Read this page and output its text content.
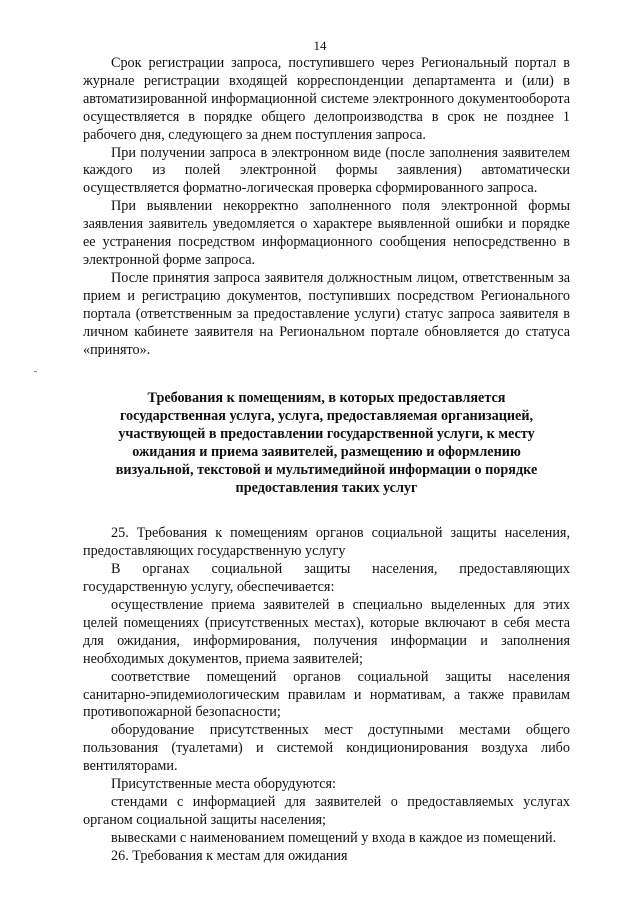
14

Срок регистрации запроса, поступившего через Региональный портал в журнале регистрации входящей корреспонденции департамента и (или) в автоматизированной информационной системе электронного документооборота осуществляется в порядке общего делопроизводства в срок не позднее 1 рабочего дня, следующего за днем поступления запроса.

При получении запроса в электронном виде (после заполнения заявителем каждого из полей электронной формы заявления) автоматически осуществляется форматно-логическая проверка сформированного запроса.

При выявлении некорректно заполненного поля электронной формы заявления заявитель уведомляется о характере выявленной ошибки и порядке ее устранения посредством информационного сообщения непосредственно в электронной форме запроса.

После принятия запроса заявителя должностным лицом, ответственным за прием и регистрацию документов, поступивших посредством Регионального портала (ответственным за предоставление услуги) статус запроса заявителя в личном кабинете заявителя на Региональном портале обновляется до статуса «принято».

Требования к помещениям, в которых предоставляется государственная услуга, услуга, предоставляемая организацией, участвующей в предоставлении государственной услуги, к месту ожидания и приема заявителей, размещению и оформлению визуальной, текстовой и мультимедийной информации о порядке предоставления таких услуг

25. Требования к помещениям органов социальной защиты населения, предоставляющих государственную услугу

В органах социальной защиты населения, предоставляющих государственную услугу, обеспечивается:

осуществление приема заявителей в специально выделенных для этих целей помещениях (присутственных местах), которые включают в себя места для ожидания, информирования, получения информации и заполнения необходимых документов, приема заявителей;

соответствие помещений органов социальной защиты населения санитарно-эпидемиологическим правилам и нормативам, а также правилам противопожарной безопасности;

оборудование присутственных мест доступными местами общего пользования (туалетами) и системой кондиционирования воздуха либо вентиляторами.

Присутственные места оборудуются:

стендами с информацией для заявителей о предоставляемых услугах органом социальной защиты населения;

вывесками с наименованием помещений у входа в каждое из помещений.

26. Требования к местам для ожидания
